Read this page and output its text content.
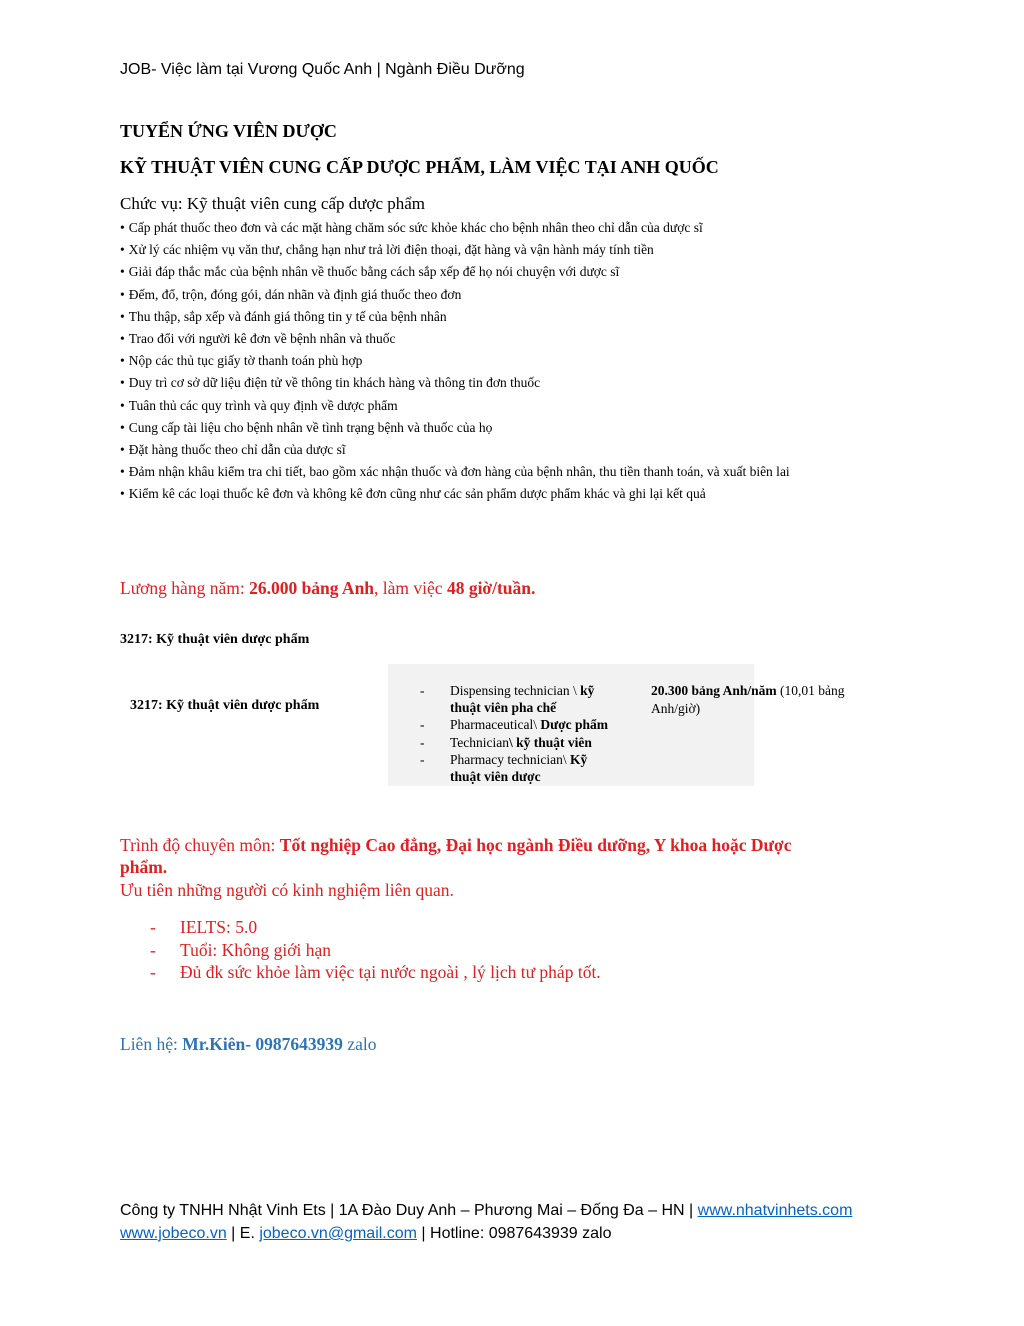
JOB- Việc làm tại Vương Quốc Anh | Ngành Điều Dưỡng
TUYỂN ỨNG VIÊN DƯỢC
KỸ THUẬT VIÊN CUNG CẤP DƯỢC PHẨM, LÀM VIỆC TẠI ANH QUỐC
Chức vụ: Kỹ thuật viên cung cấp dược phẩm
• Cấp phát thuốc theo đơn và các mặt hàng chăm sóc sức khỏe khác cho bệnh nhân theo chỉ dẫn của dược sĩ
• Xử lý các nhiệm vụ văn thư, chẳng hạn như trả lời điện thoại, đặt hàng và vận hành máy tính tiền
• Giải đáp thắc mắc của bệnh nhân về thuốc bằng cách sắp xếp để họ nói chuyện với dược sĩ
• Đếm, đổ, trộn, đóng gói, dán nhãn và định giá thuốc theo đơn
• Thu thập, sắp xếp và đánh giá thông tin y tế của bệnh nhân
• Trao đổi với người kê đơn về bệnh nhân và thuốc
• Nộp các thủ tục giấy tờ thanh toán phù hợp
• Duy trì cơ sở dữ liệu điện tử về thông tin khách hàng và thông tin đơn thuốc
• Tuân thủ các quy trình và quy định về dược phẩm
• Cung cấp tài liệu cho bệnh nhân về tình trạng bệnh và thuốc của họ
• Đặt hàng thuốc theo chỉ dẫn của dược sĩ
• Đảm nhận khâu kiểm tra chi tiết, bao gồm xác nhận thuốc và đơn hàng của bệnh nhân, thu tiền thanh toán, và xuất biên lai
• Kiểm kê các loại thuốc kê đơn và không kê đơn cũng như các sản phẩm dược phẩm khác và ghi lại kết quả
Lương hàng năm: 26.000 bảng Anh, làm việc 48 giờ/tuần.
3217: Kỹ thuật viên dược phẩm
3217: Kỹ thuật viên dược phẩm
- Dispensing technician \ kỹ thuật viên pha chế
- Pharmaceutical\ Dược phẩm
- Technician\ kỹ thuật viên
- Pharmacy technician\ Kỹ thuật viên dược
20.300 bảng Anh/năm (10,01 bảng Anh/giờ)
Trình độ chuyên môn: Tốt nghiệp Cao đẳng, Đại học ngành Điều dưỡng, Y khoa hoặc Dược phẩm.
Ưu tiên những người có kinh nghiệm liên quan.
- IELTS: 5.0
- Tuổi: Không giới hạn
- Đủ đk sức khỏe làm việc tại nước ngoài , lý lịch tư pháp tốt.
Liên hệ: Mr.Kiên- 0987643939 zalo
Công ty TNHH Nhật Vinh Ets | 1A Đào Duy Anh – Phương Mai – Đống Đa – HN | www.nhatvinhets.com
www.jobeco.vn | E. jobeco.vn@gmail.com | Hotline: 0987643939 zalo
